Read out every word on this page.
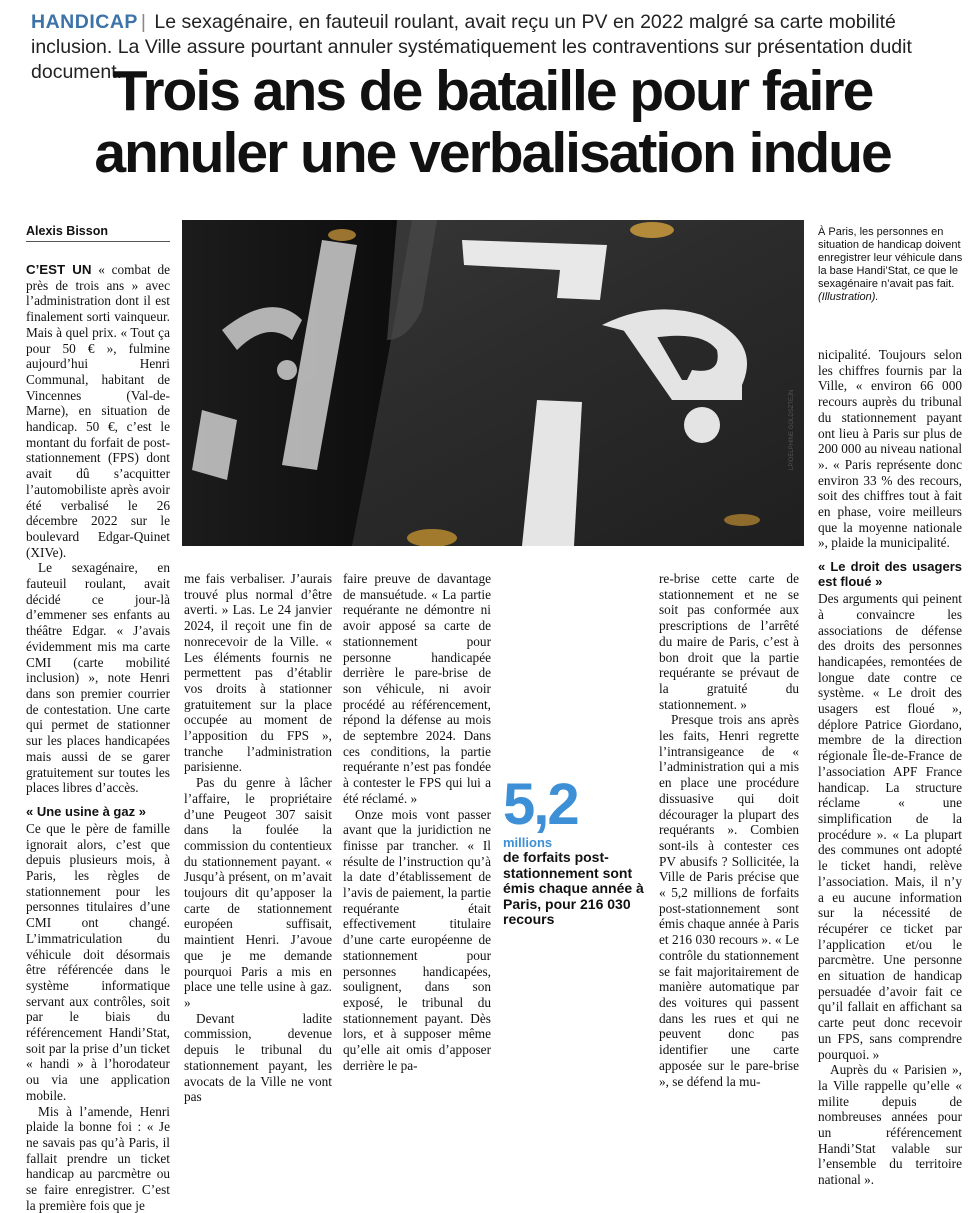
HANDICAP | Le sexagénaire, en fauteuil roulant, avait reçu un PV en 2022 malgré sa carte mobilité inclusion. La Ville assure pourtant annuler systématiquement les contraventions sur présentation dudit document.
Trois ans de bataille pour faire annuler une verbalisation indue
Alexis Bisson

C’EST UN « combat de près de trois ans » avec l’administration dont il est finalement sorti vainqueur. Mais à quel prix. « Tout ça pour 50 € », fulmine aujourd’hui Henri Communal, habitant de Vincennes (Val-de-Marne), en situation de handicap. 50 €, c’est le montant du forfait de post-stationnement (FPS) dont avait dû s’acquitter l’automobiliste après avoir été verbalisé le 26 décembre 2022 sur le boulevard Edgar-Quinet (XIVe).

Le sexagénaire, en fauteuil roulant, avait décidé ce jour-là d’emmener ses enfants au théâtre Edgar. « J’avais évidemment mis ma carte CMI (carte mobilité inclusion) », note Henri dans son premier courrier de contestation. Une carte qui permet de stationner sur les places handicapées mais aussi de se garer gratuitement sur toutes les places libres d’accès.

« Une usine à gaz »

Ce que le père de famille ignorait alors, c’est que depuis plusieurs mois, à Paris, les règles de stationnement pour les personnes titulaires d’une CMI ont changé. L’immatriculation du véhicule doit désormais être référencée dans le système informatique servant aux contrôles, soit par le biais du référencement Handi’Stat, soit par la prise d’un ticket « handi » à l’horodateur ou via une application mobile.

Mis à l’amende, Henri plaide la bonne foi : « Je ne savais pas qu’à Paris, il fallait prendre un ticket handicap au parcmètre ou se faire enregistrer. C’est la première fois que je

LP/DELPHINE GOLDSZTEJN
À Paris, les personnes en situation de handicap doivent enregistrer leur véhicule dans la base Handi’Stat, ce que le sexagénaire n’avait pas fait. (Illustration).

me fais verbaliser. J’aurais trouvé plus normal d’être averti. » Las. Le 24 janvier 2024, il reçoit une fin de nonrecevoir de la Ville. « Les éléments fournis ne permettent pas d’établir vos droits à stationner gratuitement sur la place occupée au moment de l’apposition du FPS », tranche l’administration parisienne.

Pas du genre à lâcher l’affaire, le propriétaire d’une Peugeot 307 saisit dans la foulée la commission du contentieux du stationnement payant. « Jusqu’à présent, on m’avait toujours dit qu’apposer la carte de stationnement européen suffisait, maintient Henri. J’avoue que je me demande pourquoi Paris a mis en place une telle usine à gaz. »

Devant ladite commission, devenue depuis le tribunal du stationnement payant, les avocats de la Ville ne vont pas

faire preuve de davantage de mansuétude. « La partie requérante ne démontre ni avoir apposé sa carte de stationnement pour personne handicapée derrière le pare-brise de son véhicule, ni avoir procédé au référencement, répond la défense au mois de septembre 2024. Dans ces conditions, la partie requérante n’est pas fondée à contester le FPS qui lui a été réclamé. »

Onze mois vont passer avant que la juridiction ne finisse par trancher. « Il résulte de l’instruction qu’à la date d’établissement de l’avis de paiement, la partie requérante était effectivement titulaire d’une carte européenne de stationnement pour personnes handicapées, soulignent, dans son exposé, le tribunal du stationnement payant. Dès lors, et à supposer même qu’elle ait omis d’apposer derrière le pa-

5,2
millions
de forfaits post-stationnement sont émis chaque année à Paris, pour 216 030 recours

re-brise cette carte de stationnement et ne se soit pas conformée aux prescriptions de l’arrêté du maire de Paris, c’est à bon droit que la partie requérante se prévaut de la gratuité du stationnement. »

Presque trois ans après les faits, Henri regrette l’intransigeance de « l’administration qui a mis en place une procédure dissuasive qui doit décourager la plupart des requérants ». Combien sont-ils à contester ces PV abusifs ? Sollicitée, la Ville de Paris précise que « 5,2 millions de forfaits post-stationnement sont émis chaque année à Paris et 216 030 recours ». « Le contrôle du stationnement se fait majoritairement de manière automatique par des voitures qui passent dans les rues et qui ne peuvent donc pas identifier une carte apposée sur le pare-brise », se défend la mu-

nicipalité. Toujours selon les chiffres fournis par la Ville, « environ 66 000 recours auprès du tribunal du stationnement payant ont lieu à Paris sur plus de 200 000 au niveau national ». « Paris représente donc environ 33 % des recours, soit des chiffres tout à fait en phase, voire meilleurs que la moyenne nationale », plaide la municipalité.

« Le droit des usagers est floué »

Des arguments qui peinent à convaincre les associations de défense des droits des personnes handicapées, remontées de longue date contre ce système. « Le droit des usagers est floué », déplore Patrice Giordano, membre de la direction régionale Île-de-France de l’association APF France handicap. La structure réclame « une simplification de la procédure ». « La plupart des communes ont adopté le ticket handi, relève l’association. Mais, il n’y a eu aucune information sur la nécessité de récupérer ce ticket par l’application et/ou le parcmètre. Une personne en situation de handicap persuadée d’avoir fait ce qu’il fallait en affichant sa carte peut donc recevoir un FPS, sans comprendre pourquoi. »

Auprès du « Parisien », la Ville rappelle qu’elle « milite depuis de nombreuses années pour un référencement Handi’Stat valable sur l’ensemble du territoire national ».
